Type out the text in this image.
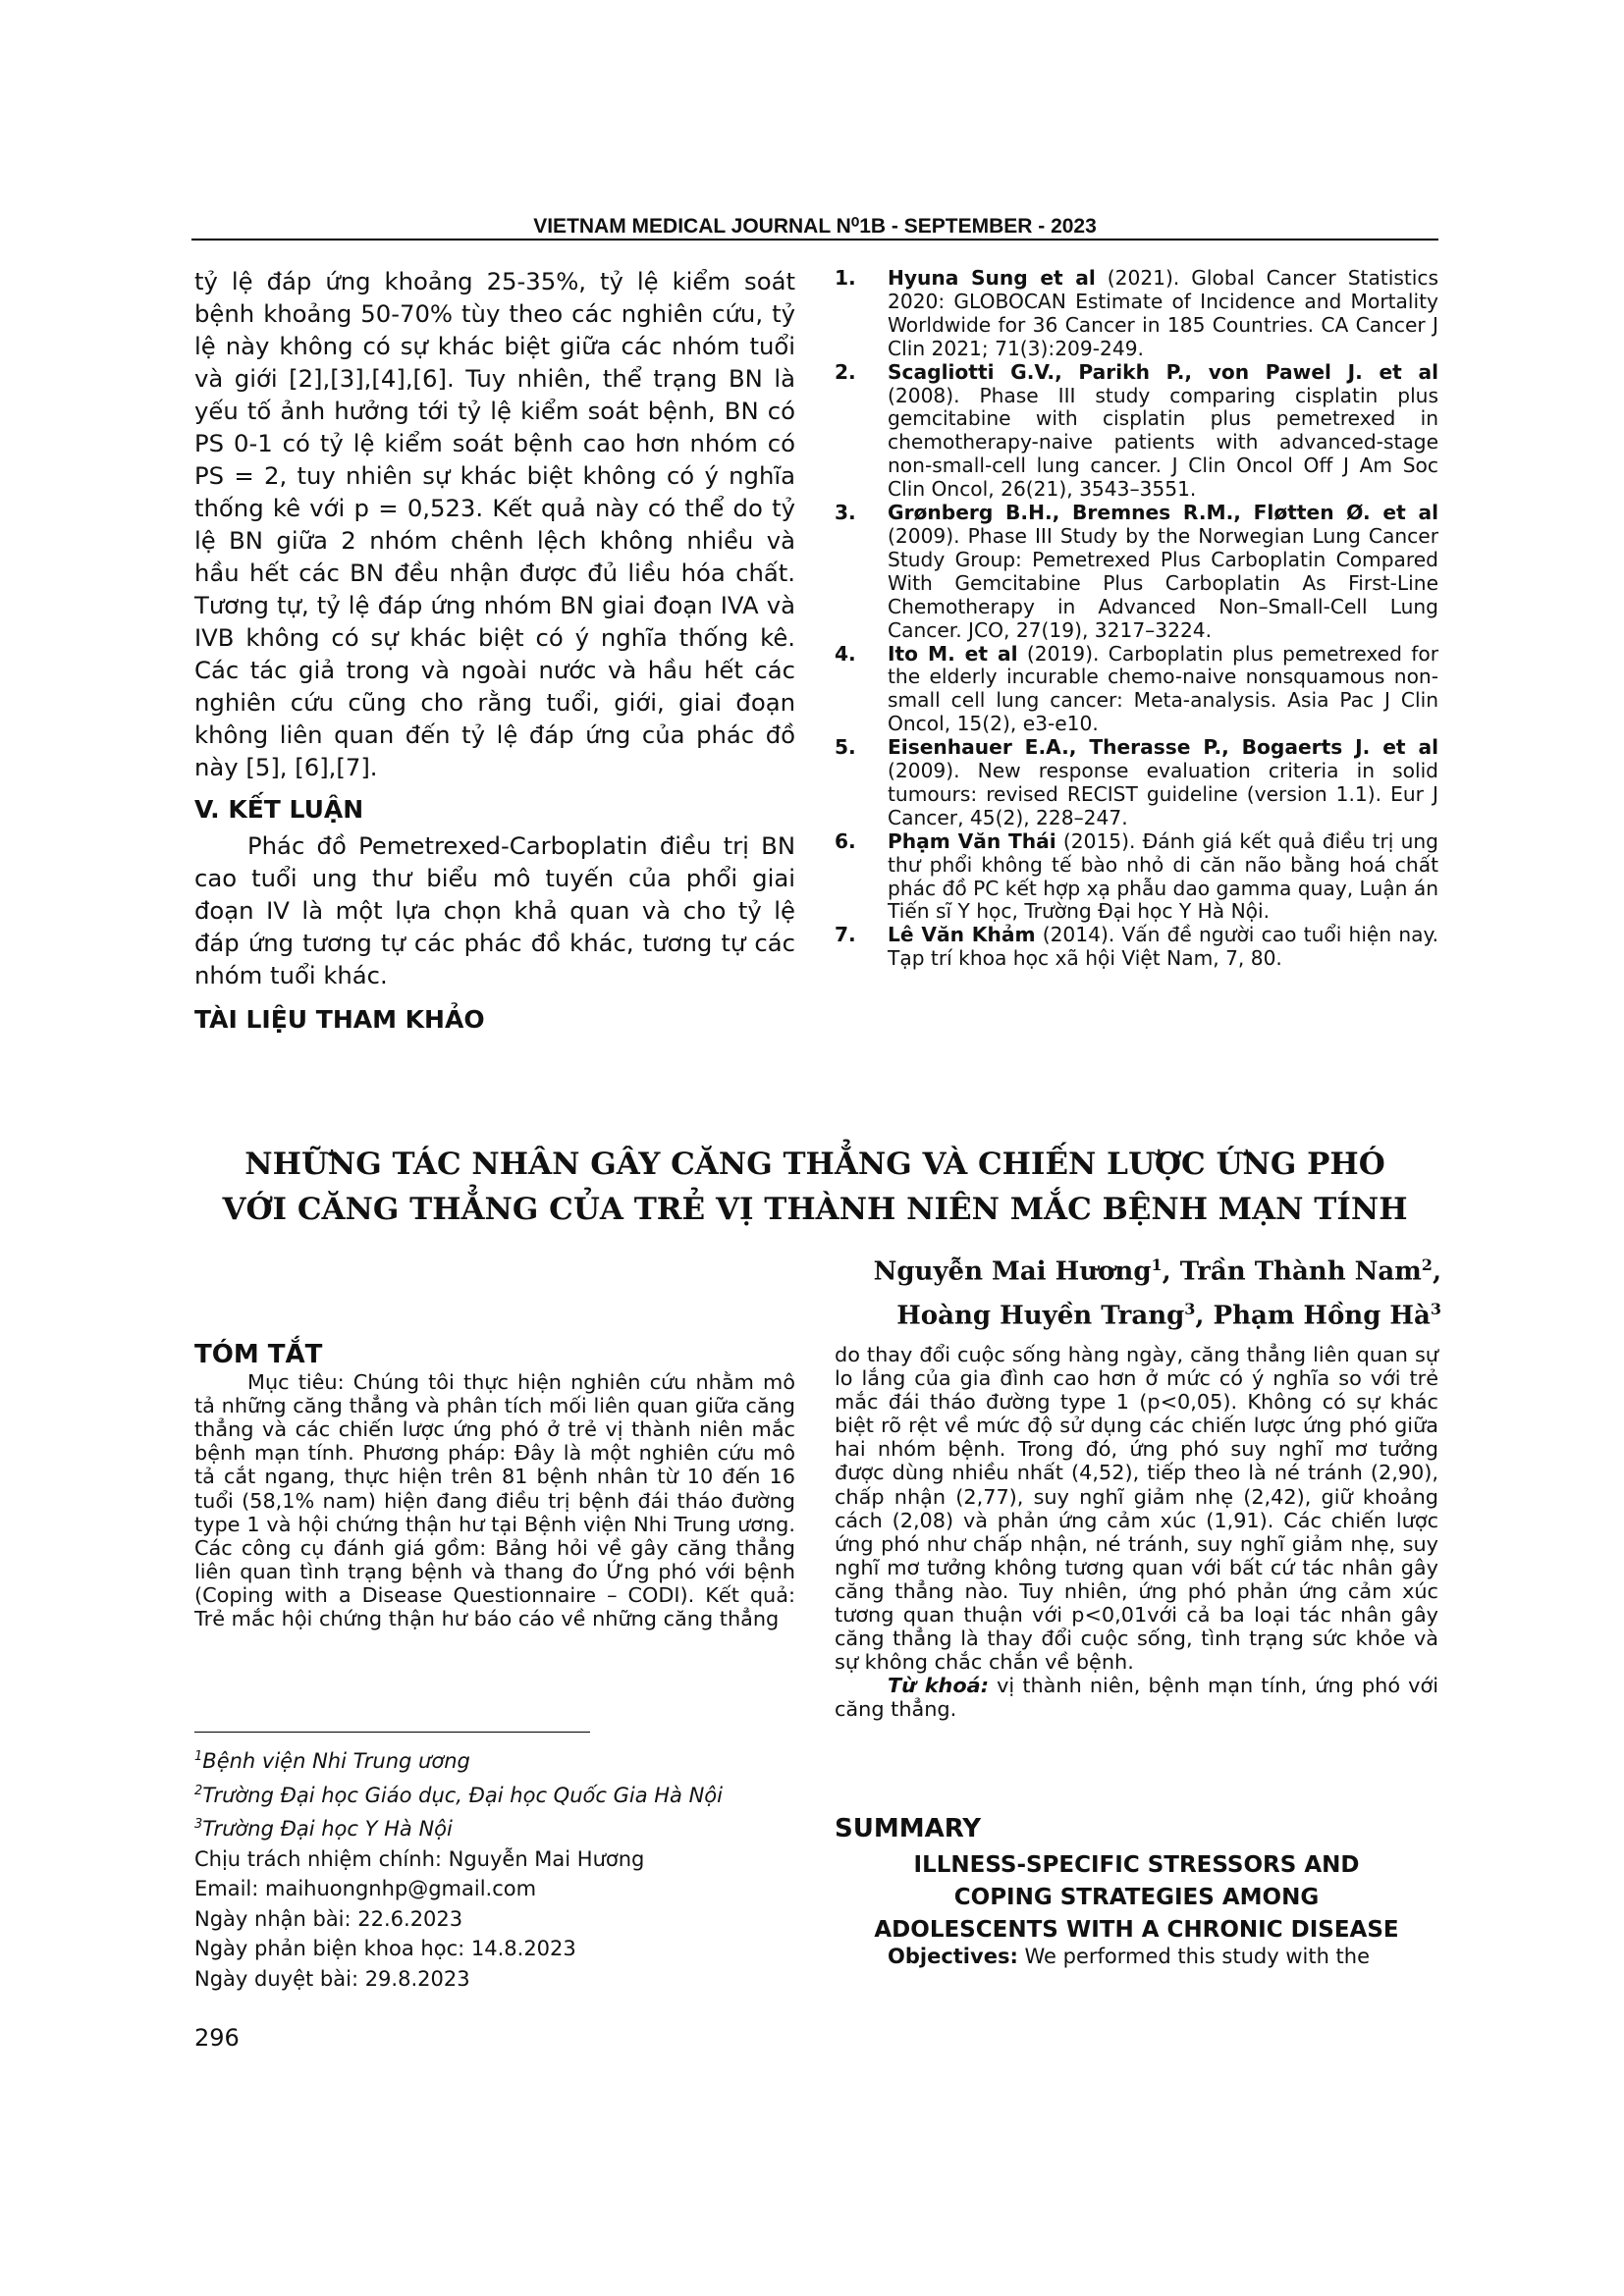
VIETNAM MEDICAL JOURNAL N⁰1B - SEPTEMBER - 2023

tỷ lệ đáp ứng khoảng 25-35%, tỷ lệ kiểm soát bệnh khoảng 50-70% tùy theo các nghiên cứu, tỷ lệ này không có sự khác biệt giữa các nhóm tuổi và giới [2],[3],[4],[6]. Tuy nhiên, thể trạng BN là yếu tố ảnh hưởng tới tỷ lệ kiểm soát bệnh, BN có PS 0-1 có tỷ lệ kiểm soát bệnh cao hơn nhóm có PS = 2, tuy nhiên sự khác biệt không có ý nghĩa thống kê với p = 0,523. Kết quả này có thể do tỷ lệ BN giữa 2 nhóm chênh lệch không nhiều và hầu hết các BN đều nhận được đủ liều hóa chất. Tương tự, tỷ lệ đáp ứng nhóm BN giai đoạn IVA và IVB không có sự khác biệt có ý nghĩa thống kê. Các tác giả trong và ngoài nước và hầu hết các nghiên cứu cũng cho rằng tuổi, giới, giai đoạn không liên quan đến tỷ lệ đáp ứng của phác đồ này [5], [6],[7].

V. KẾT LUẬN

Phác đồ Pemetrexed-Carboplatin điều trị BN cao tuổi ung thư biểu mô tuyến của phổi giai đoạn IV là một lựa chọn khả quan và cho tỷ lệ đáp ứng tương tự các phác đồ khác, tương tự các nhóm tuổi khác.

TÀI LIỆU THAM KHẢO

1. Hyuna Sung et al (2021). Global Cancer Statistics 2020: GLOBOCAN Estimate of Incidence and Mortality Worldwide for 36 Cancer in 185 Countries. CA Cancer J Clin 2021; 71(3):209-249.

2. Scagliotti G.V., Parikh P., von Pawel J. et al (2008). Phase III study comparing cisplatin plus gemcitabine with cisplatin plus pemetrexed in chemotherapy-naive patients with advanced-stage non-small-cell lung cancer. J Clin Oncol Off J Am Soc Clin Oncol, 26(21), 3543–3551.

3. Grønberg B.H., Bremnes R.M., Fløtten Ø. et al (2009). Phase III Study by the Norwegian Lung Cancer Study Group: Pemetrexed Plus Carboplatin Compared With Gemcitabine Plus Carboplatin As First-Line Chemotherapy in Advanced Non–Small-Cell Lung Cancer. JCO, 27(19), 3217–3224.

4. Ito M. et al (2019). Carboplatin plus pemetrexed for the elderly incurable chemo-naive nonsquamous non-small cell lung cancer: Meta-analysis. Asia Pac J Clin Oncol, 15(2), e3-e10.

5. Eisenhauer E.A., Therasse P., Bogaerts J. et al (2009). New response evaluation criteria in solid tumours: revised RECIST guideline (version 1.1). Eur J Cancer, 45(2), 228–247.

6. Phạm Văn Thái (2015). Đánh giá kết quả điều trị ung thư phổi không tế bào nhỏ di căn não bằng hoá chất phác đồ PC kết hợp xạ phẫu dao gamma quay, Luận án Tiến sĩ Y học, Trường Đại học Y Hà Nội.

7. Lê Văn Khảm (2014). Vấn đề người cao tuổi hiện nay. Tạp trí khoa học xã hội Việt Nam, 7, 80.

NHỮNG TÁC NHÂN GÂY CĂNG THẲNG VÀ CHIẾN LƯỢC ỨNG PHÓ
VỚI CĂNG THẲNG CỦA TRẺ VỊ THÀNH NIÊN MẮC BỆNH MẠN TÍNH
Nguyễn Mai Hương$^1$, Trần Thành Nam$^2$,
Hoàng Huyền Trang$^3$, Phạm Hồng $Hà^3$

TÓM TẮT

Mục tiêu: Chúng tôi thực hiện nghiên cứu nhằm mô tả những căng thẳng và phân tích mối liên quan giữa căng thẳng và các chiến lược ứng phó ở trẻ vị thành niên mắc bệnh mạn tính. Phương pháp: Đây là một nghiên cứu mô tả cắt ngang, thực hiện trên 81 bệnh nhân từ 10 đến 16 tuổi (58,1% nam) hiện đang điều trị bệnh đái tháo đường type 1 và hội chứng thận hư tại Bệnh viện Nhi Trung ương. Các công cụ đánh giá gồm: Bảng hỏi về gây căng thẳng liên quan tình trạng bệnh và thang đo Ứng phó với bệnh (Coping with a Disease Questionnaire – CODI). Kết quả: Trẻ mắc hội chứng thận hư báo cáo về những căng thẳng

do thay đổi cuộc sống hàng ngày, căng thẳng liên quan sự lo lắng của gia đình cao hơn ở mức có ý nghĩa so với trẻ mắc đái tháo đường type 1 (p<0,05). Không có sự khác biệt rõ rệt về mức độ sử dụng các chiến lược ứng phó giữa hai nhóm bệnh. Trong đó, ứng phó suy nghĩ mơ tưởng được dùng nhiều nhất (4,52), tiếp theo là né tránh (2,90), chấp nhận (2,77), suy nghĩ giảm nhẹ (2,42), giữ khoảng cách (2,08) và phản ứng cảm xúc (1,91). Các chiến lược ứng phó như chấp nhận, né tránh, suy nghĩ giảm nhẹ, suy nghĩ mơ tưởng không tương quan với bất cứ tác nhân gây căng thẳng nào. Tuy nhiên, ứng phó phản ứng cảm xúc tương quan thuận với p<0,01với cả ba loại tác nhân gây căng thẳng là thay đổi cuộc sống, tình trạng sức khỏe và sự không chắc chắn về bệnh.

Từ khoá: vị thành niên, bệnh mạn tính, ứng phó với căng thẳng.

$^1$Bệnh viện Nhi Trung ương

$^2$Trường Đại học Giáo dục, Đại học Quốc Gia Hà Nội

$^3$Trường Đại học Y Hà Nội

Chịu trách nhiệm chính: Nguyễn Mai Hương

Email: maihuongnhp@gmail.com

Ngày nhận bài: 22.6.2023

Ngày phản biện khoa học: 14.8.2023

Ngày duyệt bài: 29.8.2023

SUMMARY
ILLNESS-SPECIFIC STRESSORS AND
COPING STRATEGIES AMONG
ADOLESCENTS WITH A CHRONIC DISEASE
Objectives: We performed this study with the
296
